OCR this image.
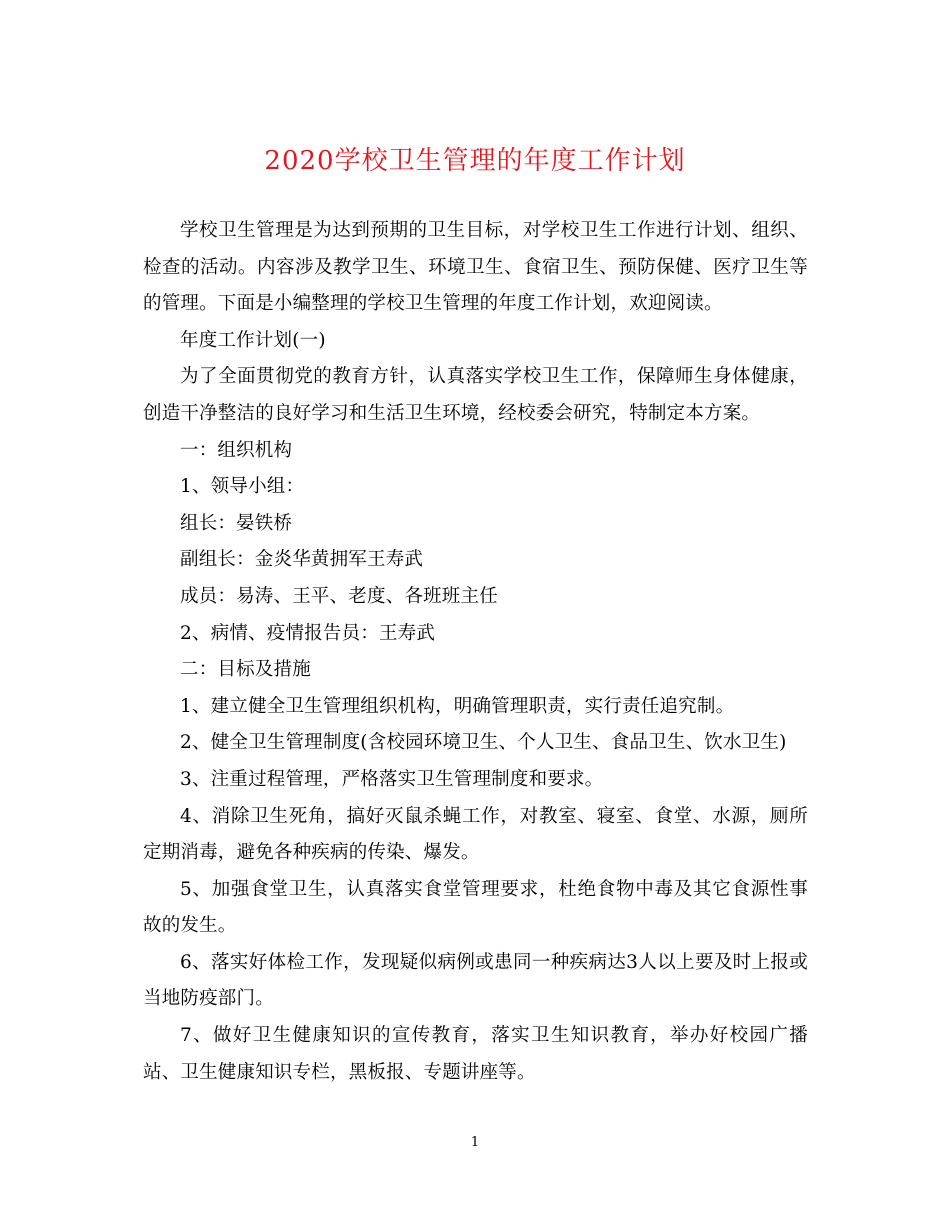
2020学校卫生管理的年度工作计划

学校卫生管理是为达到预期的卫生目标，对学校卫生工作进行计划、组织、检查的活动。内容涉及教学卫生、环境卫生、食宿卫生、预防保健、医疗卫生等的管理。下面是小编整理的学校卫生管理的年度工作计划，欢迎阅读。

年度工作计划(一)

为了全面贯彻党的教育方针，认真落实学校卫生工作，保障师生身体健康，创造干净整洁的良好学习和生活卫生环境，经校委会研究，特制定本方案。

一：组织机构

1、领导小组：

组长：晏铁桥

副组长：金炎华黄拥军王寿武

成员：易涛、王平、老度、各班班主任

2、病情、疫情报告员：王寿武

二：目标及措施

1、建立健全卫生管理组织机构，明确管理职责，实行责任追究制。

2、健全卫生管理制度(含校园环境卫生、个人卫生、食品卫生、饮水卫生)

3、注重过程管理，严格落实卫生管理制度和要求。

4、消除卫生死角，搞好灭鼠杀蝇工作，对教室、寝室、食堂、水源，厕所定期消毒，避免各种疾病的传染、爆发。

5、加强食堂卫生，认真落实食堂管理要求，杜绝食物中毒及其它食源性事故的发生。

6、落实好体检工作，发现疑似病例或患同一种疾病达3人以上要及时上报或当地防疫部门。

7、做好卫生健康知识的宣传教育，落实卫生知识教育，举办好校园广播站、卫生健康知识专栏，黑板报、专题讲座等。

1
